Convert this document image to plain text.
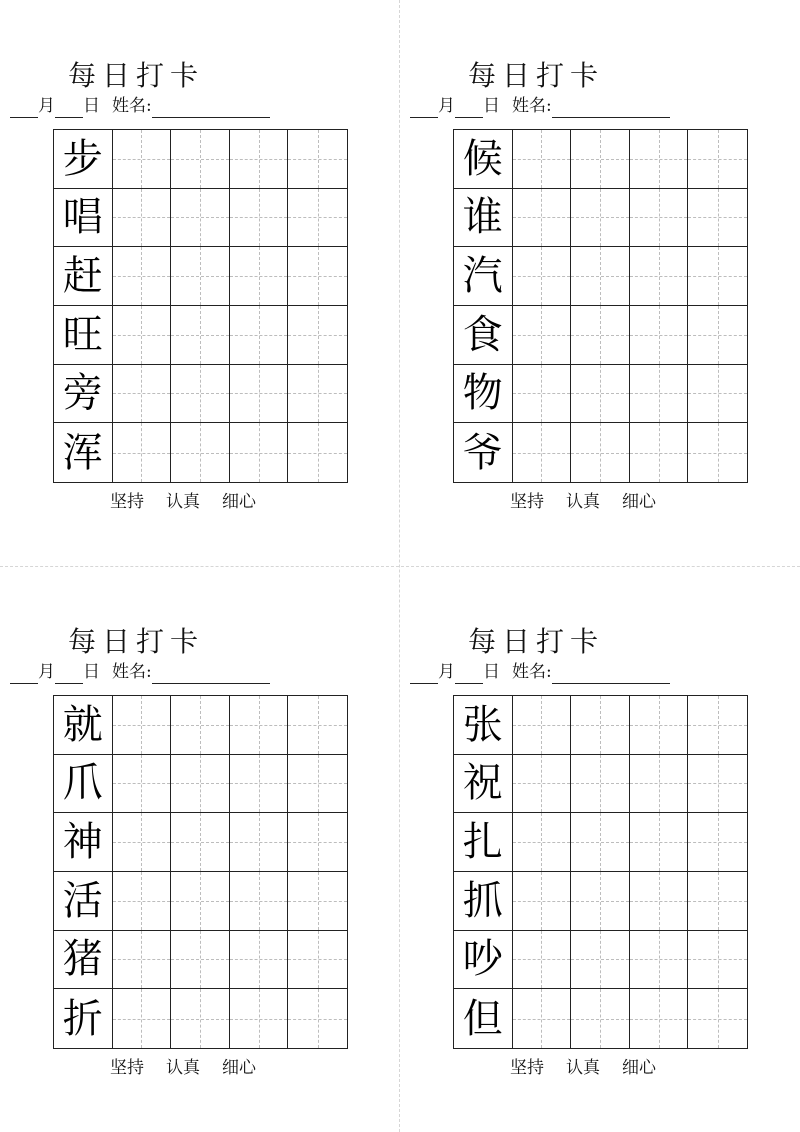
每日打卡
月 日 姓名:
步
唱
赶
旺
旁
浑
坚持 认真 细心
每日打卡
月 日 姓名:
候
谁
汽
食
物
爷
坚持 认真 细心
每日打卡
月 日 姓名:
就
爪
神
活
猪
折
坚持 认真 细心
每日打卡
月 日 姓名:
张
祝
扎
抓
吵
但
坚持 认真 细心
